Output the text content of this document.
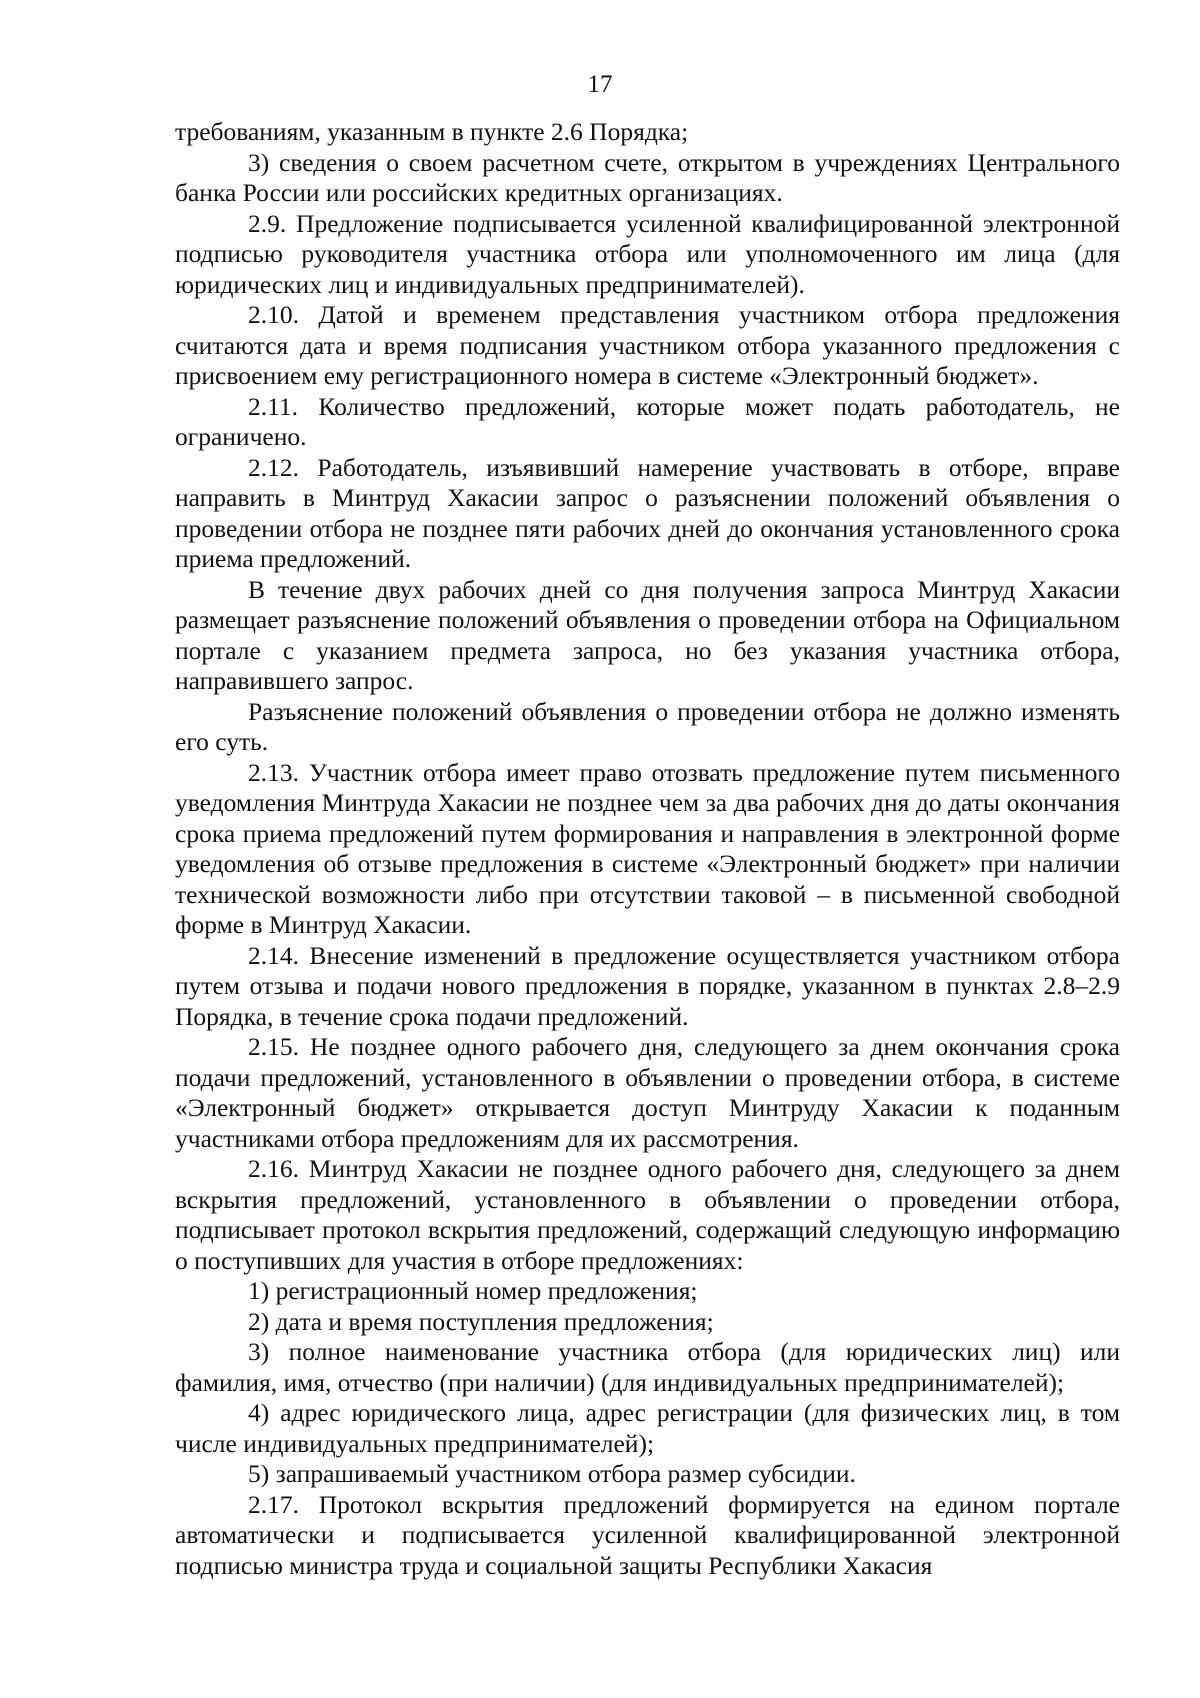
17

требованиям, указанным в пункте 2.6 Порядка;

3) сведения о своем расчетном счете, открытом в учреждениях Центрального банка России или российских кредитных организациях.

2.9. Предложение подписывается усиленной квалифицированной электронной подписью руководителя участника отбора или уполномоченного им лица (для юридических лиц и индивидуальных предпринимателей).

2.10. Датой и временем представления участником отбора предложения считаются дата и время подписания участником отбора указанного предложения с присвоением ему регистрационного номера в системе «Электронный бюджет».

2.11. Количество предложений, которые может подать работодатель, не ограничено.

2.12. Работодатель, изъявивший намерение участвовать в отборе, вправе направить в Минтруд Хакасии запрос о разъяснении положений объявления о проведении отбора не позднее пяти рабочих дней до окончания установленного срока приема предложений.

В течение двух рабочих дней со дня получения запроса Минтруд Хакасии размещает разъяснение положений объявления о проведении отбора на Официальном портале с указанием предмета запроса, но без указания участника отбора, направившего запрос.

Разъяснение положений объявления о проведении отбора не должно изменять его суть.

2.13. Участник отбора имеет право отозвать предложение путем письменного уведомления Минтруда Хакасии не позднее чем за два рабочих дня до даты окончания срока приема предложений путем формирования и направления в электронной форме уведомления об отзыве предложения в системе «Электронный бюджет» при наличии технической возможности либо при отсутствии таковой – в письменной свободной форме в Минтруд Хакасии.

2.14. Внесение изменений в предложение осуществляется участником отбора путем отзыва и подачи нового предложения в порядке, указанном в пунктах 2.8–2.9 Порядка, в течение срока подачи предложений.

2.15. Не позднее одного рабочего дня, следующего за днем окончания срока подачи предложений, установленного в объявлении о проведении отбора, в системе «Электронный бюджет» открывается доступ Минтруду Хакасии к поданным участниками отбора предложениям для их рассмотрения.

2.16. Минтруд Хакасии не позднее одного рабочего дня, следующего за днем вскрытия предложений, установленного в объявлении о проведении отбора, подписывает протокол вскрытия предложений, содержащий следующую информацию о поступивших для участия в отборе предложениях:

1) регистрационный номер предложения;

2) дата и время поступления предложения;

3) полное наименование участника отбора (для юридических лиц) или фамилия, имя, отчество (при наличии) (для индивидуальных предпринимателей);

4) адрес юридического лица, адрес регистрации (для физических лиц, в том числе индивидуальных предпринимателей);

5) запрашиваемый участником отбора размер субсидии.

2.17. Протокол вскрытия предложений формируется на едином портале автоматически и подписывается усиленной квалифицированной электронной подписью министра труда и социальной защиты Республики Хакасия
